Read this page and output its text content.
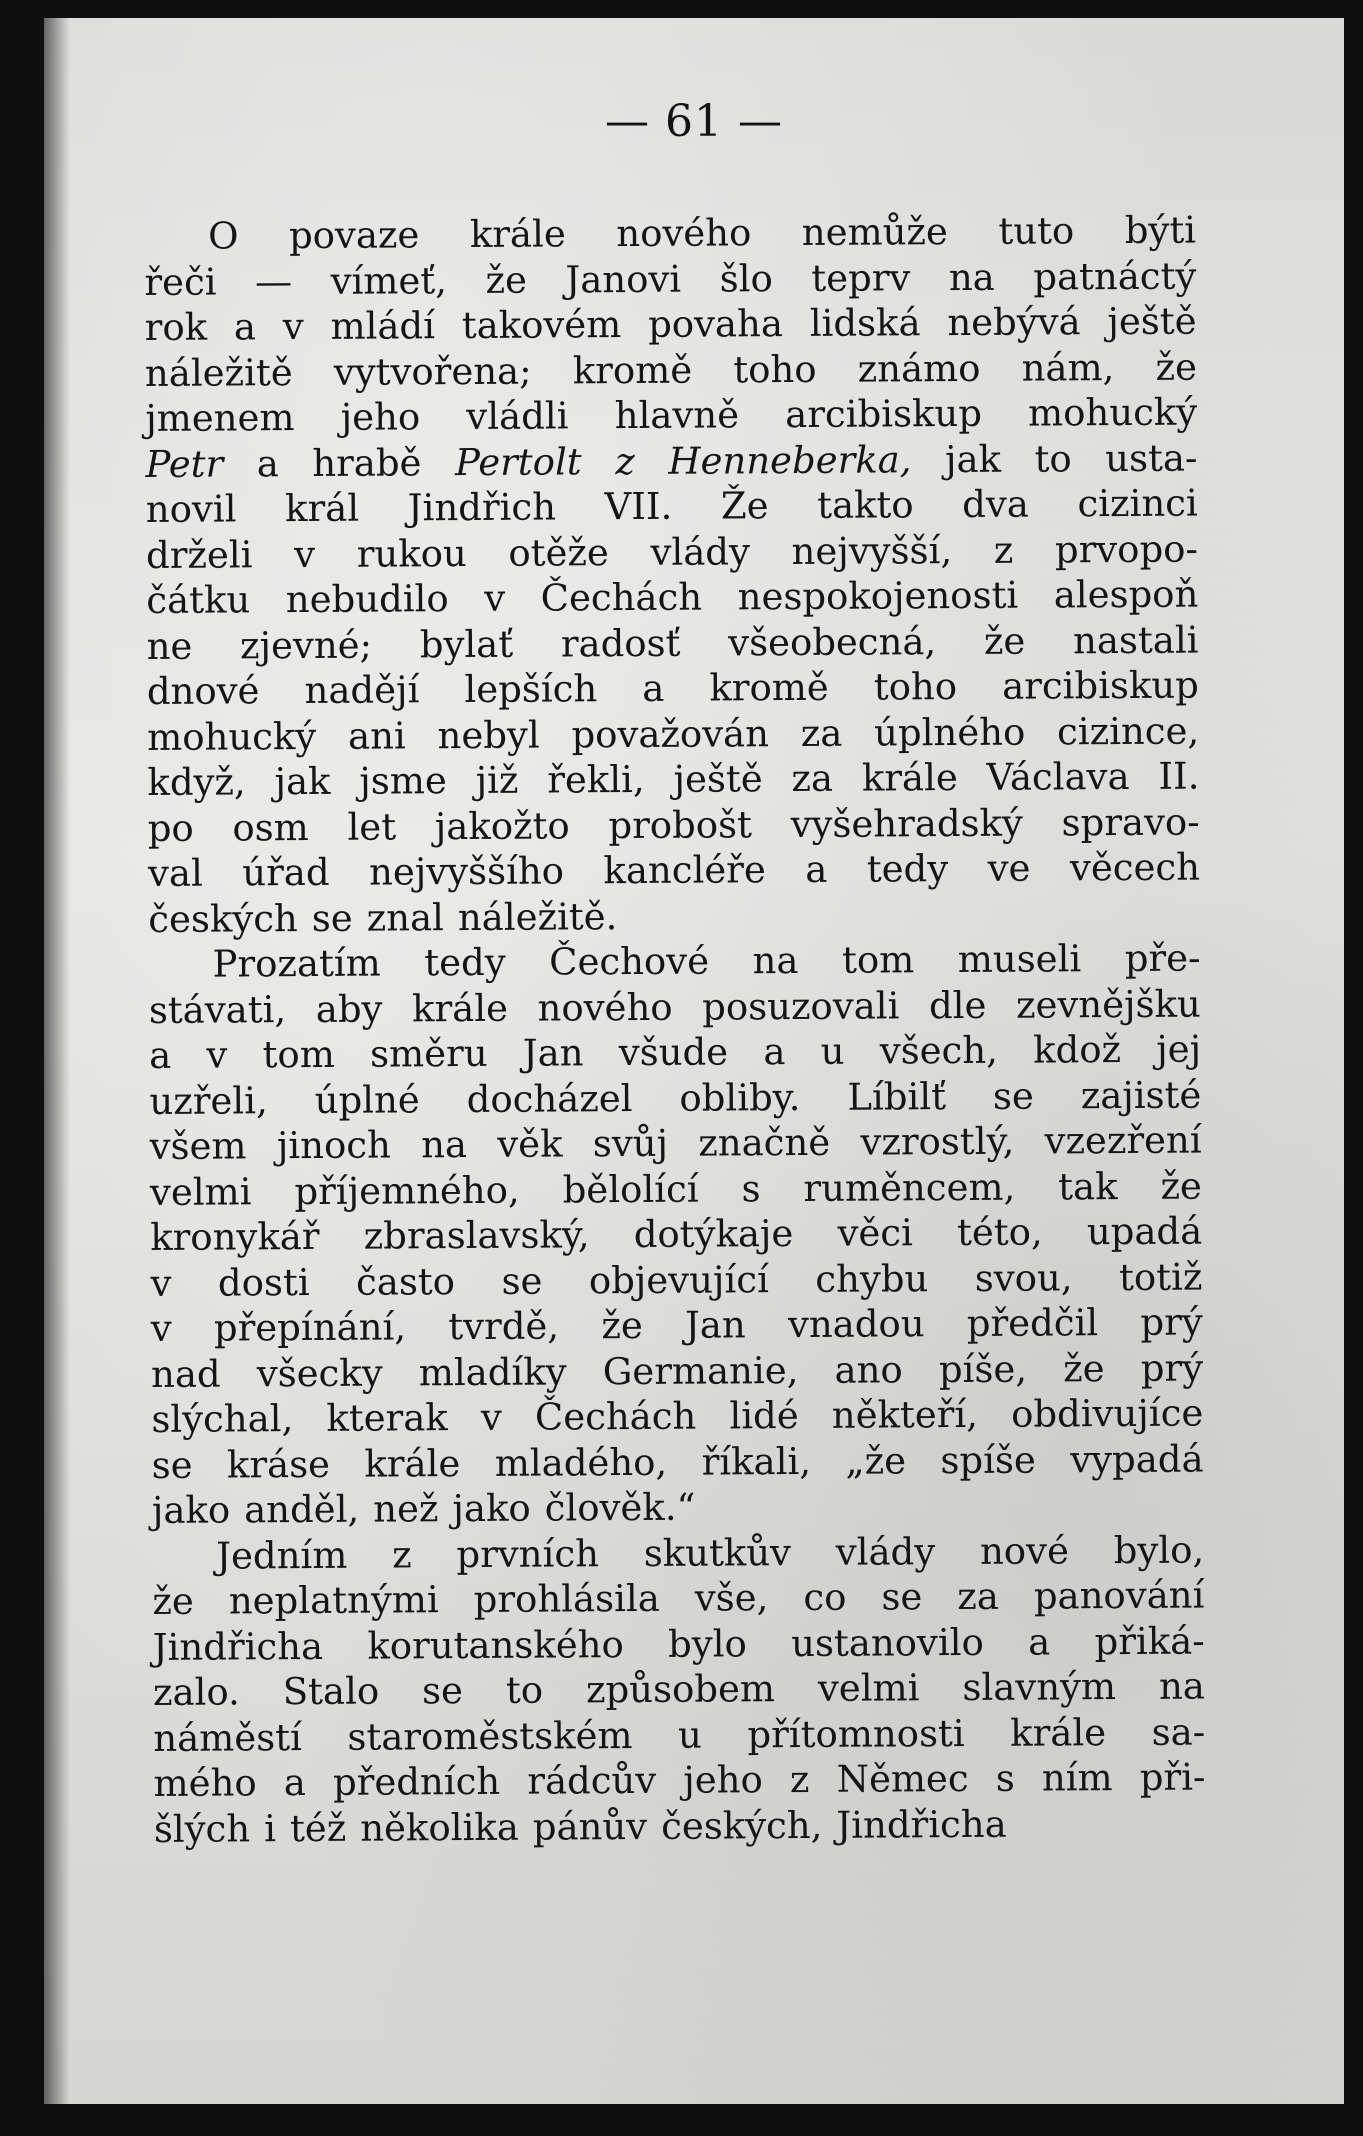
— 61 —
O povaze krále nového nemůže tuto býti
řeči — vímeť, že Janovi šlo teprv na patnáctý
rok a v mládí takovém povaha lidská nebývá ještě
náležitě vytvořena; kromě toho známo nám, že
jmenem jeho vládli hlavně arcibiskup mohucký
Petr a hrabě Pertolt z Henneberka, jak to usta-
novil král Jindřich VII. Že takto dva cizinci
drželi v rukou otěže vlády nejvyšší, z prvopo-
čátku nebudilo v Čechách nespokojenosti alespoň
ne zjevné; bylať radosť všeobecná, že nastali
dnové nadějí lepších a kromě toho arcibiskup
mohucký ani nebyl považován za úplného cizince,
když, jak jsme již řekli, ještě za krále Václava II.
po osm let jakožto probošt vyšehradský spravo-
val úřad nejvyššího kancléře a tedy ve věcech
českých se znal náležitě.
Prozatím tedy Čechové na tom museli pře-
stávati, aby krále nového posuzovali dle zevnějšku
a v tom směru Jan všude a u všech, kdož jej
uzřeli, úplné docházel obliby. Líbilť se zajisté
všem jinoch na věk svůj značně vzrostlý, vzezření
velmi příjemného, bělolící s ruměncem, tak že
kronykář zbraslavský, dotýkaje věci této, upadá
v dosti často se objevující chybu svou, totiž
v přepínání, tvrdě, že Jan vnadou předčil prý
nad všecky mladíky Germanie, ano píše, že prý
slýchal, kterak v Čechách lidé někteří, obdivujíce
se kráse krále mladého, říkali, „že spíše vypadá
jako anděl, než jako člověk.“
Jedním z prvních skutkův vlády nové bylo,
že neplatnými prohlásila vše, co se za panování
Jindřicha korutanského bylo ustanovilo a přiká-
zalo. Stalo se to způsobem velmi slavným na
náměstí staroměstském u přítomnosti krále sa-
mého a předních rádcův jeho z Němec s ním při-
šlých i též několika pánův českých, Jindřicha
